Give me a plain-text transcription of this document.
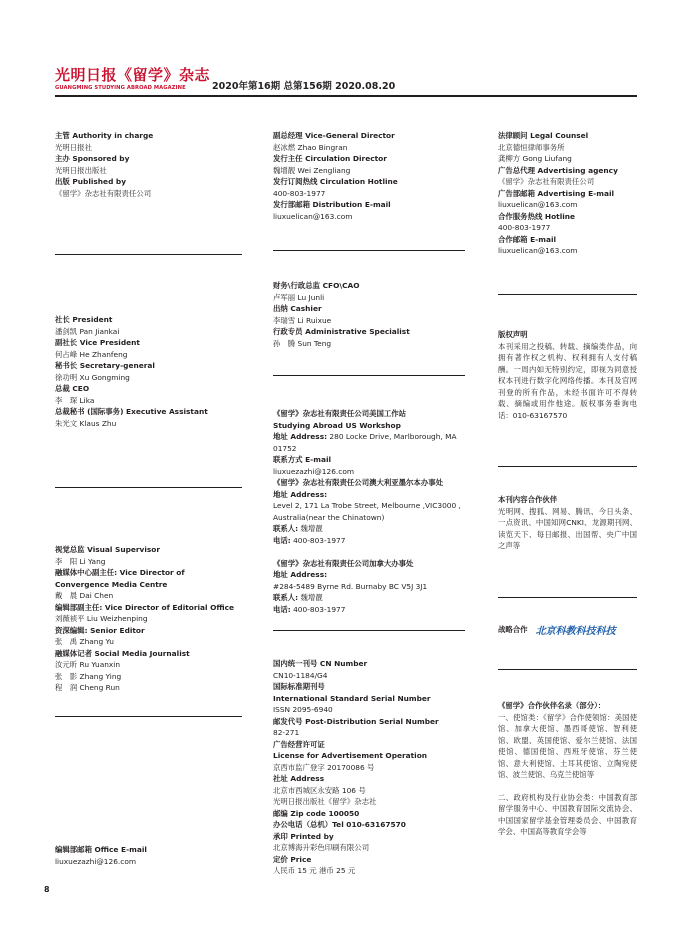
光明日报《留学》杂志
GUANGMING STUDYING ABROAD MAGAZINE	2020年第16期 总第156期 2020.08.20
主管 Authority in charge
光明日报社
主办 Sponsored by
光明日报出版社
出版 Published by
《留学》杂志社有限责任公司
社长 President
潘剑凯 Pan Jiankai
副社长 Vice President
何占峰 He Zhanfeng
秘书长 Secretary-general
徐功明 Xu Gongming
总裁 CEO
李　琛 Lika
总裁秘书 (国际事务) Executive Assistant
朱光文 Klaus Zhu
视觉总监 Visual Supervisor
李　阳 Li Yang
融媒体中心副主任: Vice Director of
Convergence Media Centre
戴　晨 Dai Chen
编辑部副主任: Vice Director of Editorial Office
刘薇祯平 Liu Weizhenping
资深编辑: Senior Editor
张　禹 Zhang Yu
融媒体记者 Social Media Journalist
汝元昕 Ru Yuanxin
张　影 Zhang Ying
程　润 Cheng Run
编辑部邮箱 Office E-mail
liuxuezazhi@126.com
副总经理 Vice-General Director
赵冰燃 Zhao Bingran
发行主任 Circulation Director
魏增靓 Wei Zengliang
发行订阅热线 Circulation Hotline
400-803-1977
发行部邮箱 Distribution E-mail
liuxuelican@163.com
财务\行政总监 CFO\CAO
卢军丽 Lu Junli
出纳 Cashier
李瑞雪 Li Ruixue
行政专员 Administrative Specialist
孙　腾 Sun Teng
《留学》杂志社有限责任公司美国工作站
Studying Abroad US Workshop
地址 Address: 280 Locke Drive, Marlborough, MA
01752
联系方式 E-mail
liuxuezazhi@126.com
《留学》杂志社有限责任公司澳大利亚墨尔本办事处
地址 Address:
Level 2, 171 La Trobe Street, Melbourne ,VIC3000 ,
Australia(near the Chinatown)
联系人: 魏增靓
电话: 400-803-1977
《留学》杂志社有限责任公司加拿大办事处
地址 Address:
#284-5489 Byrne Rd. Burnaby BC V5J 3J1
联系人: 魏增靓
电话: 400-803-1977
国内统一刊号 CN Number
CN10-1184/G4
国际标准期刊号
International Standard Serial Number
ISSN 2095-6940
邮发代号 Post-Distribution Serial Number
82-271
广告经营许可证
License for Advertisement Operation
京西市监广登字 20170086 号
社址 Address
北京市西城区永安路 106 号
光明日报出版社《留学》杂志社
邮编 Zip code 100050
办公电话（总机）Tel 010-63167570
承印 Printed by
北京博海升彩色印刷有限公司
定价 Price
人民币 15 元 港币 25 元
法律顾问 Legal Counsel
北京德恒律师事务所
龚柳方 Gong Liufang
广告总代理 Advertising agency
《留学》杂志社有限责任公司
广告部邮箱 Advertising E-mail
liuxuelican@163.com
合作服务热线 Hotline
400-803-1977
合作邮箱 E-mail
liuxuelican@163.com
版权声明
本刊采用之投稿、转载、摘编类作品，向拥有著作权之机构、权利拥有人支付稿酬。一周内如无特别约定，即视为同意授权本刊进行数字化网络传播。本刊及官网刊登的所有作品，未经书面许可不得转载、摘编或用作他途。版权事务垂询电话：010-63167570
本刊内容合作伙伴
光明网、搜狐、网易、腾讯、今日头条、一点资讯、中国知网CNKI、龙源期刊网、读览天下、每日邮报、出国帮、央广中国之声等
战略合作 北京科教科技科技
《留学》合作伙伴名录（部分）：
一、使馆类：《留学》合作使领馆：美国使馆、加拿大使馆、墨西哥使馆、智利使馆、欧盟、英国使馆、爱尔兰使馆、法国使馆、德国使馆、西班牙使馆、芬兰使馆、意大利使馆、土耳其使馆、立陶宛使馆、波兰使馆、乌克兰使馆等
二、政府机构及行业协会类：中国教育部留学服务中心、中国教育国际交流协会、中国国家留学基金管理委员会、中国教育学会、中国高等教育学会等
8
